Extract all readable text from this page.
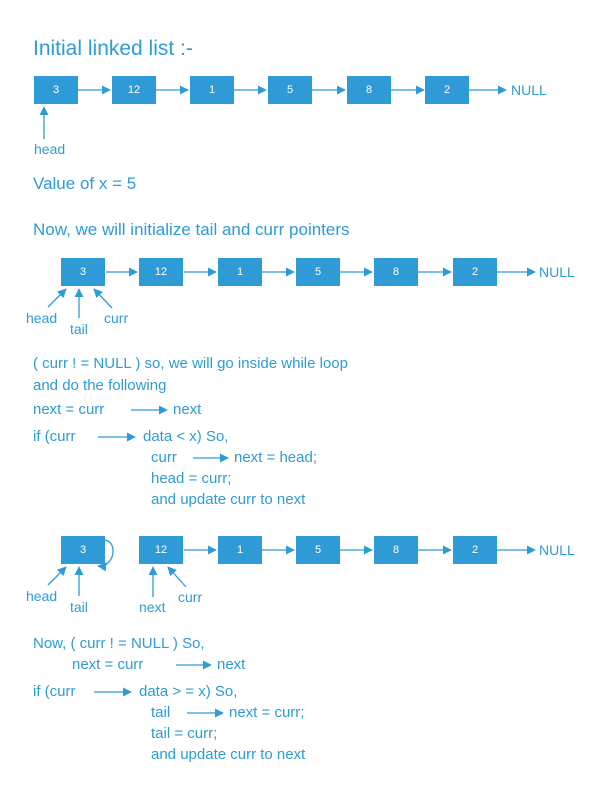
Initial linked list :-
Value of x = 5
Now, we will initialize tail and curr pointers
3	12	1	5	8	2	NULL
head
3	12	1	5	8	2	NULL
head
tail
curr
( curr ! = NULL ) so, we will go inside while loop
and do the following
next = curr	next
if (curr	data < x) So,
curr	next = head;
head = curr;
and update curr to next
3	12	1	5	8	2	NULL
head
tail	next
curr
Now, ( curr ! = NULL ) So,
next = curr	next
if (curr	data > = x) So,
tail	next = curr;
tail = curr;
and update curr to next
